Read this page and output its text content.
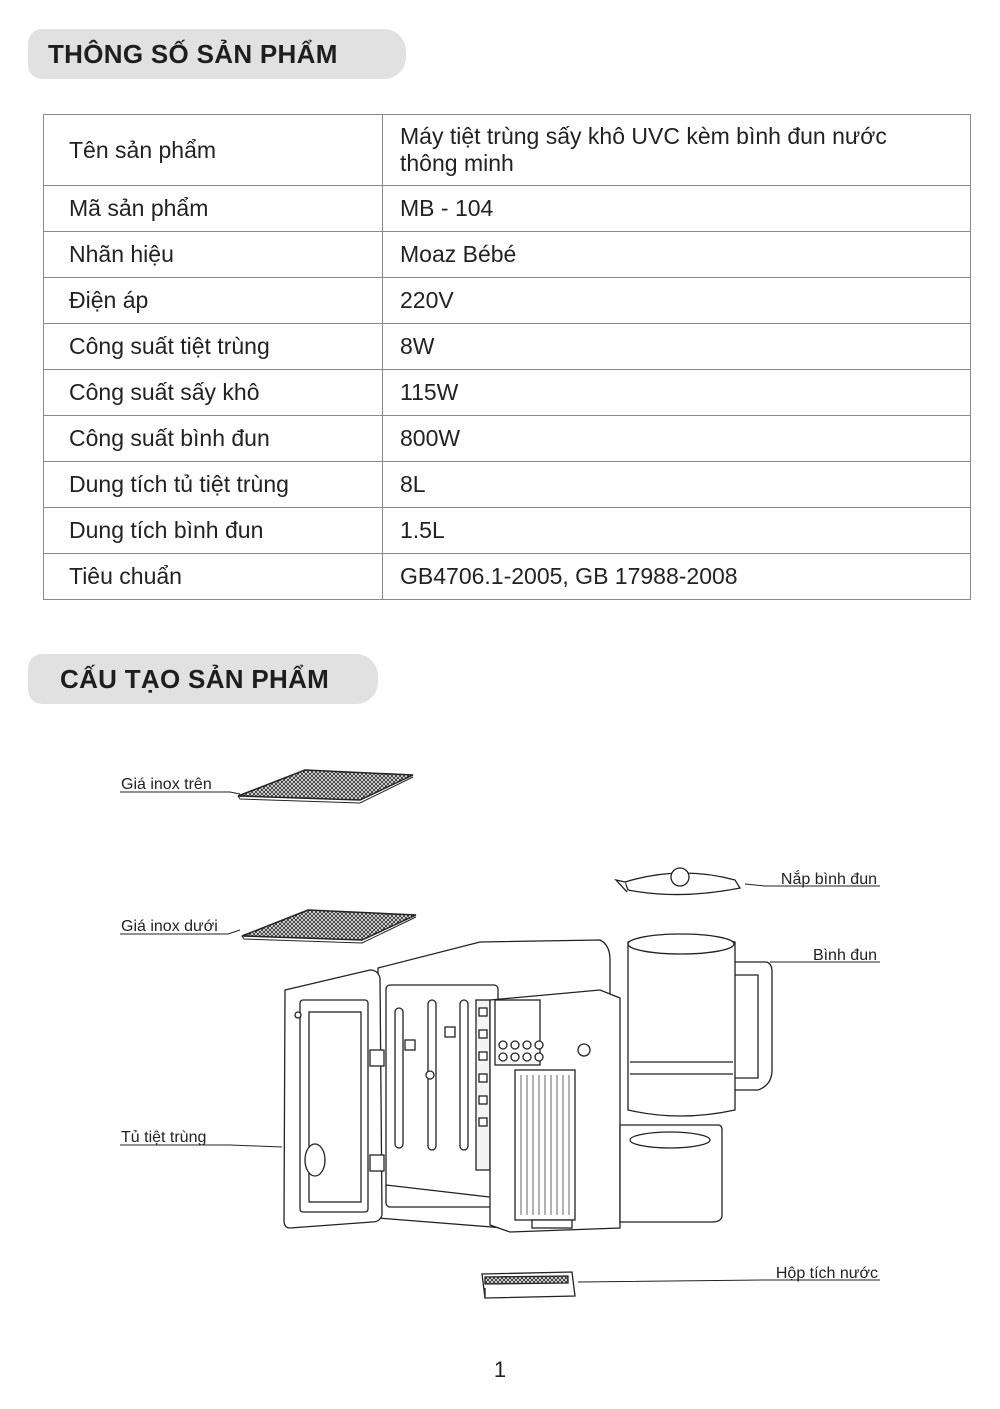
THÔNG SỐ SẢN PHẨM
Tên sản phẩm	Máy tiệt trùng sấy khô UVC kèm bình đun nước thông minh
Mã sản phẩm	MB - 104
Nhãn hiệu	Moaz Bébé
Điện áp	220V
Công suất tiệt trùng	8W
Công suất sấy khô	115W
Công suất bình đun	800W
Dung tích tủ tiệt trùng	8L
Dung tích bình đun	1.5L
Tiêu chuẩn	GB4706.1-2005, GB 17988-2008
CẤU TẠO SẢN PHẨM
Giá inox trên
Giá inox dưới
Tủ tiệt trùng
Nắp bình đun
Bình đun
Hộp tích nước
1
